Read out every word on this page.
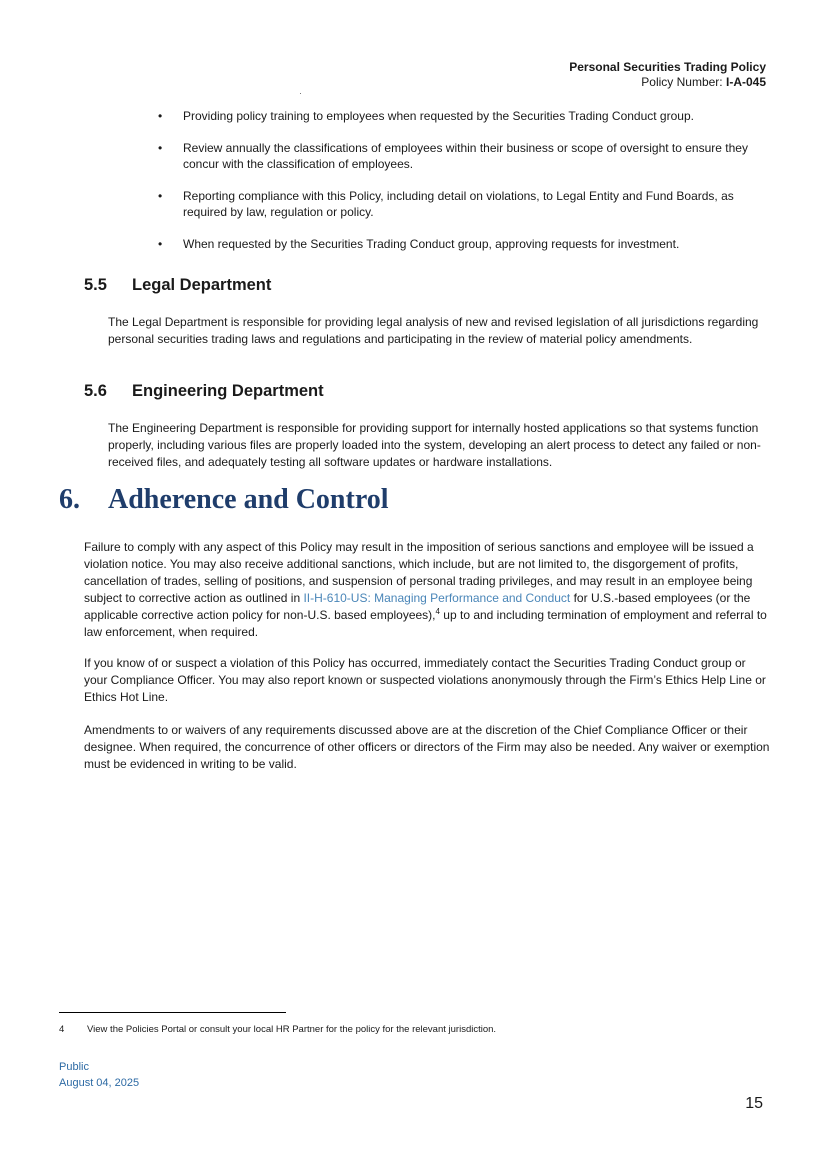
Personal Securities Trading Policy
Policy Number: I-A-045
• Providing policy training to employees when requested by the Securities Trading Conduct group.
• Review annually the classifications of employees within their business or scope of oversight to ensure they concur with the classification of employees.
• Reporting compliance with this Policy, including detail on violations, to Legal Entity and Fund Boards, as required by law, regulation or policy.
• When requested by the Securities Trading Conduct group, approving requests for investment.
5.5 Legal Department

The Legal Department is responsible for providing legal analysis of new and revised legislation of all jurisdictions regarding personal securities trading laws and regulations and participating in the review of material policy amendments.

5.6 Engineering Department

The Engineering Department is responsible for providing support for internally hosted applications so that systems function properly, including various files are properly loaded into the system, developing an alert process to detect any failed or non-received files, and adequately testing all software updates or hardware installations.

6. Adherence and Control

Failure to comply with any aspect of this Policy may result in the imposition of serious sanctions and employee will be issued a violation notice. You may also receive additional sanctions, which include, but are not limited to, the disgorgement of profits, cancellation of trades, selling of positions, and suspension of personal trading privileges, and may result in an employee being subject to corrective action as outlined in II-H-610-US: Managing Performance and Conduct for U.S.-based employees (or the applicable corrective action policy for non-U.S. based employees),$^4$ up to and including termination of employment and referral to law enforcement, when required.

If you know of or suspect a violation of this Policy has occurred, immediately contact the Securities Trading Conduct group or your Compliance Officer. You may also report known or suspected violations anonymously through the Firm’s Ethics Help Line or Ethics Hot Line.

Amendments to or waivers of any requirements discussed above are at the discretion of the Chief Compliance Officer or their designee. When required, the concurrence of other officers or directors of the Firm may also be needed. Any waiver or exemption must be evidenced in writing to be valid.

4 View the Policies Portal or consult your local HR Partner for the policy for the relevant jurisdiction.
Public
August 04, 2025
15
